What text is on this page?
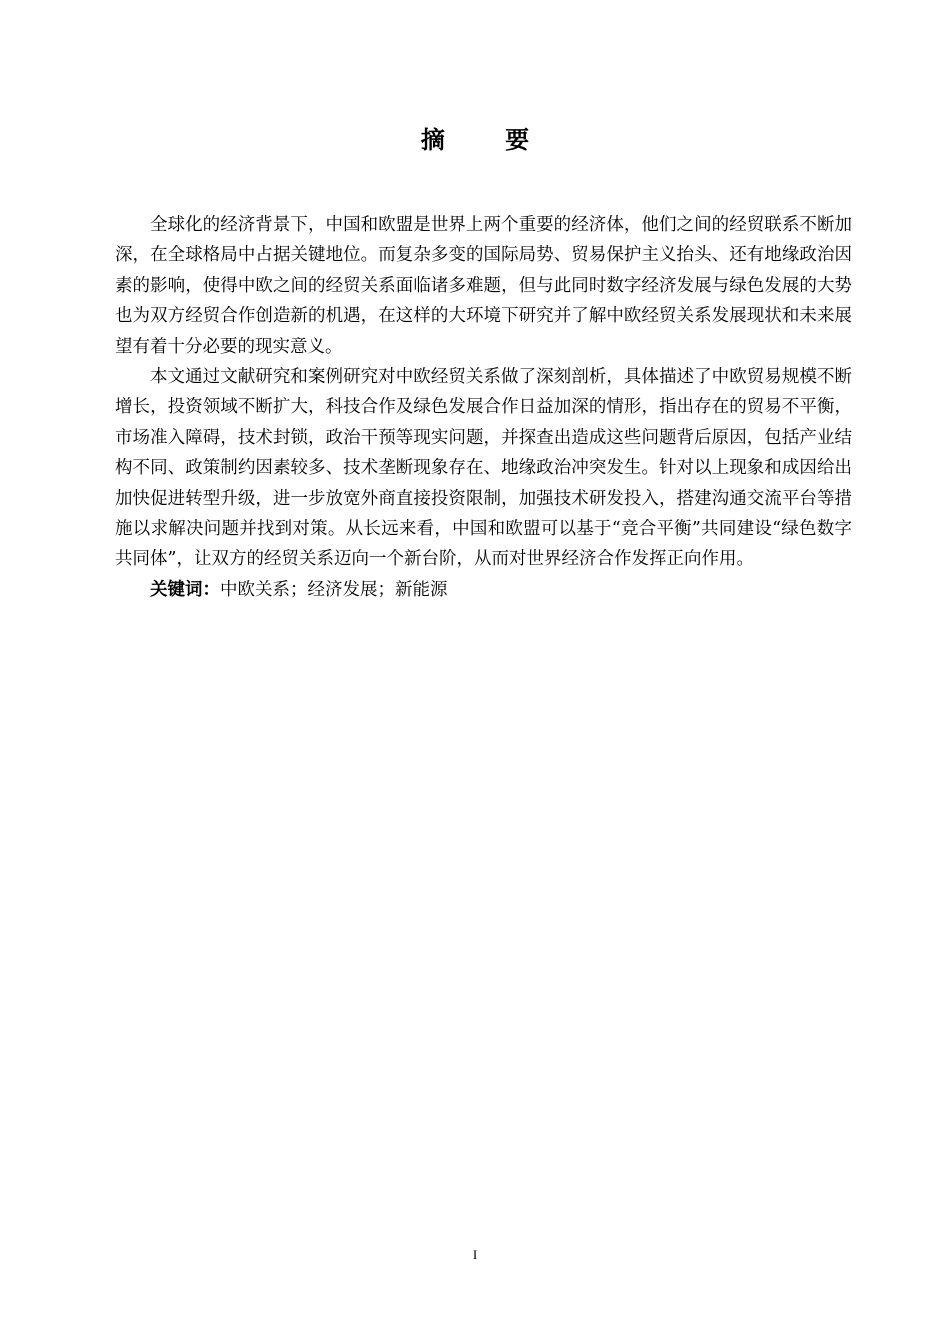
摘 要

全球化的经济背景下，中国和欧盟是世界上两个重要的经济体，他们之间的经贸联系不断加深，在全球格局中占据关键地位。而复杂多变的国际局势、贸易保护主义抬头、还有地缘政治因素的影响，使得中欧之间的经贸关系面临诸多难题，但与此同时数字经济发展与绿色发展的大势也为双方经贸合作创造新的机遇，在这样的大环境下研究并了解中欧经贸关系发展现状和未来展望有着十分必要的现实意义。

本文通过文献研究和案例研究对中欧经贸关系做了深刻剖析，具体描述了中欧贸易规模不断增长，投资领域不断扩大，科技合作及绿色发展合作日益加深的情形，指出存在的贸易不平衡，市场准入障碍，技术封锁，政治干预等现实问题，并探查出造成这些问题背后原因，包括产业结构不同、政策制约因素较多、技术垄断现象存在、地缘政治冲突发生。针对以上现象和成因给出加快促进转型升级，进一步放宽外商直接投资限制，加强技术研发投入，搭建沟通交流平台等措施以求解决问题并找到对策。从长远来看，中国和欧盟可以基于“竞合平衡”共同建设“绿色数字共同体”，让双方的经贸关系迈向一个新台阶，从而对世界经济合作发挥正向作用。

关键词：中欧关系；经济发展；新能源

I
